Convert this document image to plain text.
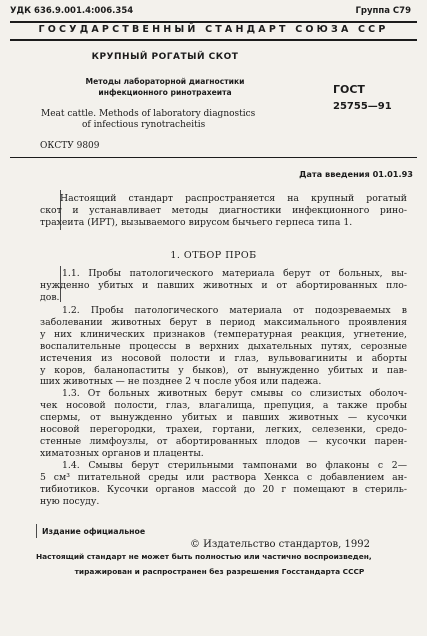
УДК 636.9.001.4:006.354	Группа С79
ГОСУДАРСТВЕННЫЙ СТАНДАРТ СОЮЗА ССР
КРУПНЫЙ РОГАТЫЙ СКОТ
Методы лабораторной диагностики
инфекционного ринотрахеита	ГОСТ
25755—91
Meat cattle. Methods of laboratory diagnostics
of infectious rynotracheitis
ОКСТУ 9809
Дата введения 01.01.93
Настоящий стандарт распространяется на крупный рогатый
скот и устанавливает методы диагностики инфекционного рино-
трахеита (ИРТ), вызываемого вирусом бычьего герпеса типа 1.
1. ОТБОР ПРОБ
1.1. Пробы патологического материала берут от больных, вы-
нужденно убитых и павших животных и от абортированных пло-
дов.
1.2. Пробы патологического материала от подозреваемых в
заболевании животных берут в период максимального проявления
у них клинических признаков (температурная реакция, угнетение,
воспалительные процессы в верхних дыхательных путях, серозные
истечения из носовой полости и глаз, вульвовагиниты и аборты
у коров, баланопаститы у быков), от вынужденно убитых и пав-
ших животных — не позднее 2 ч после убоя или падежа.
1.3. От больных животных берут смывы со слизистых оболоч-
чек носовой полости, глаз, влагалища, препуция, а также пробы
спермы, от вынужденно убитых и павших животных — кусочки
носовой перегородки, трахеи, гортани, легких, селезенки, средо-
стенные лимфоузлы, от абортированных плодов — кусочки парен-
химатозных органов и плаценты.
1.4. Смывы берут стерильными тампонами во флаконы с 2—
5 см³ питательной среды или раствора Хенкса с добавлением ан-
тибиотиков. Кусочки органов массой до 20 г помещают в стериль-
ную посуду.
Издание официальное
© Издательство стандартов, 1992
Настоящий стандарт не может быть полностью или частично воспроизведен,
тиражирован и распространен без разрешения Госстандарта СССР
